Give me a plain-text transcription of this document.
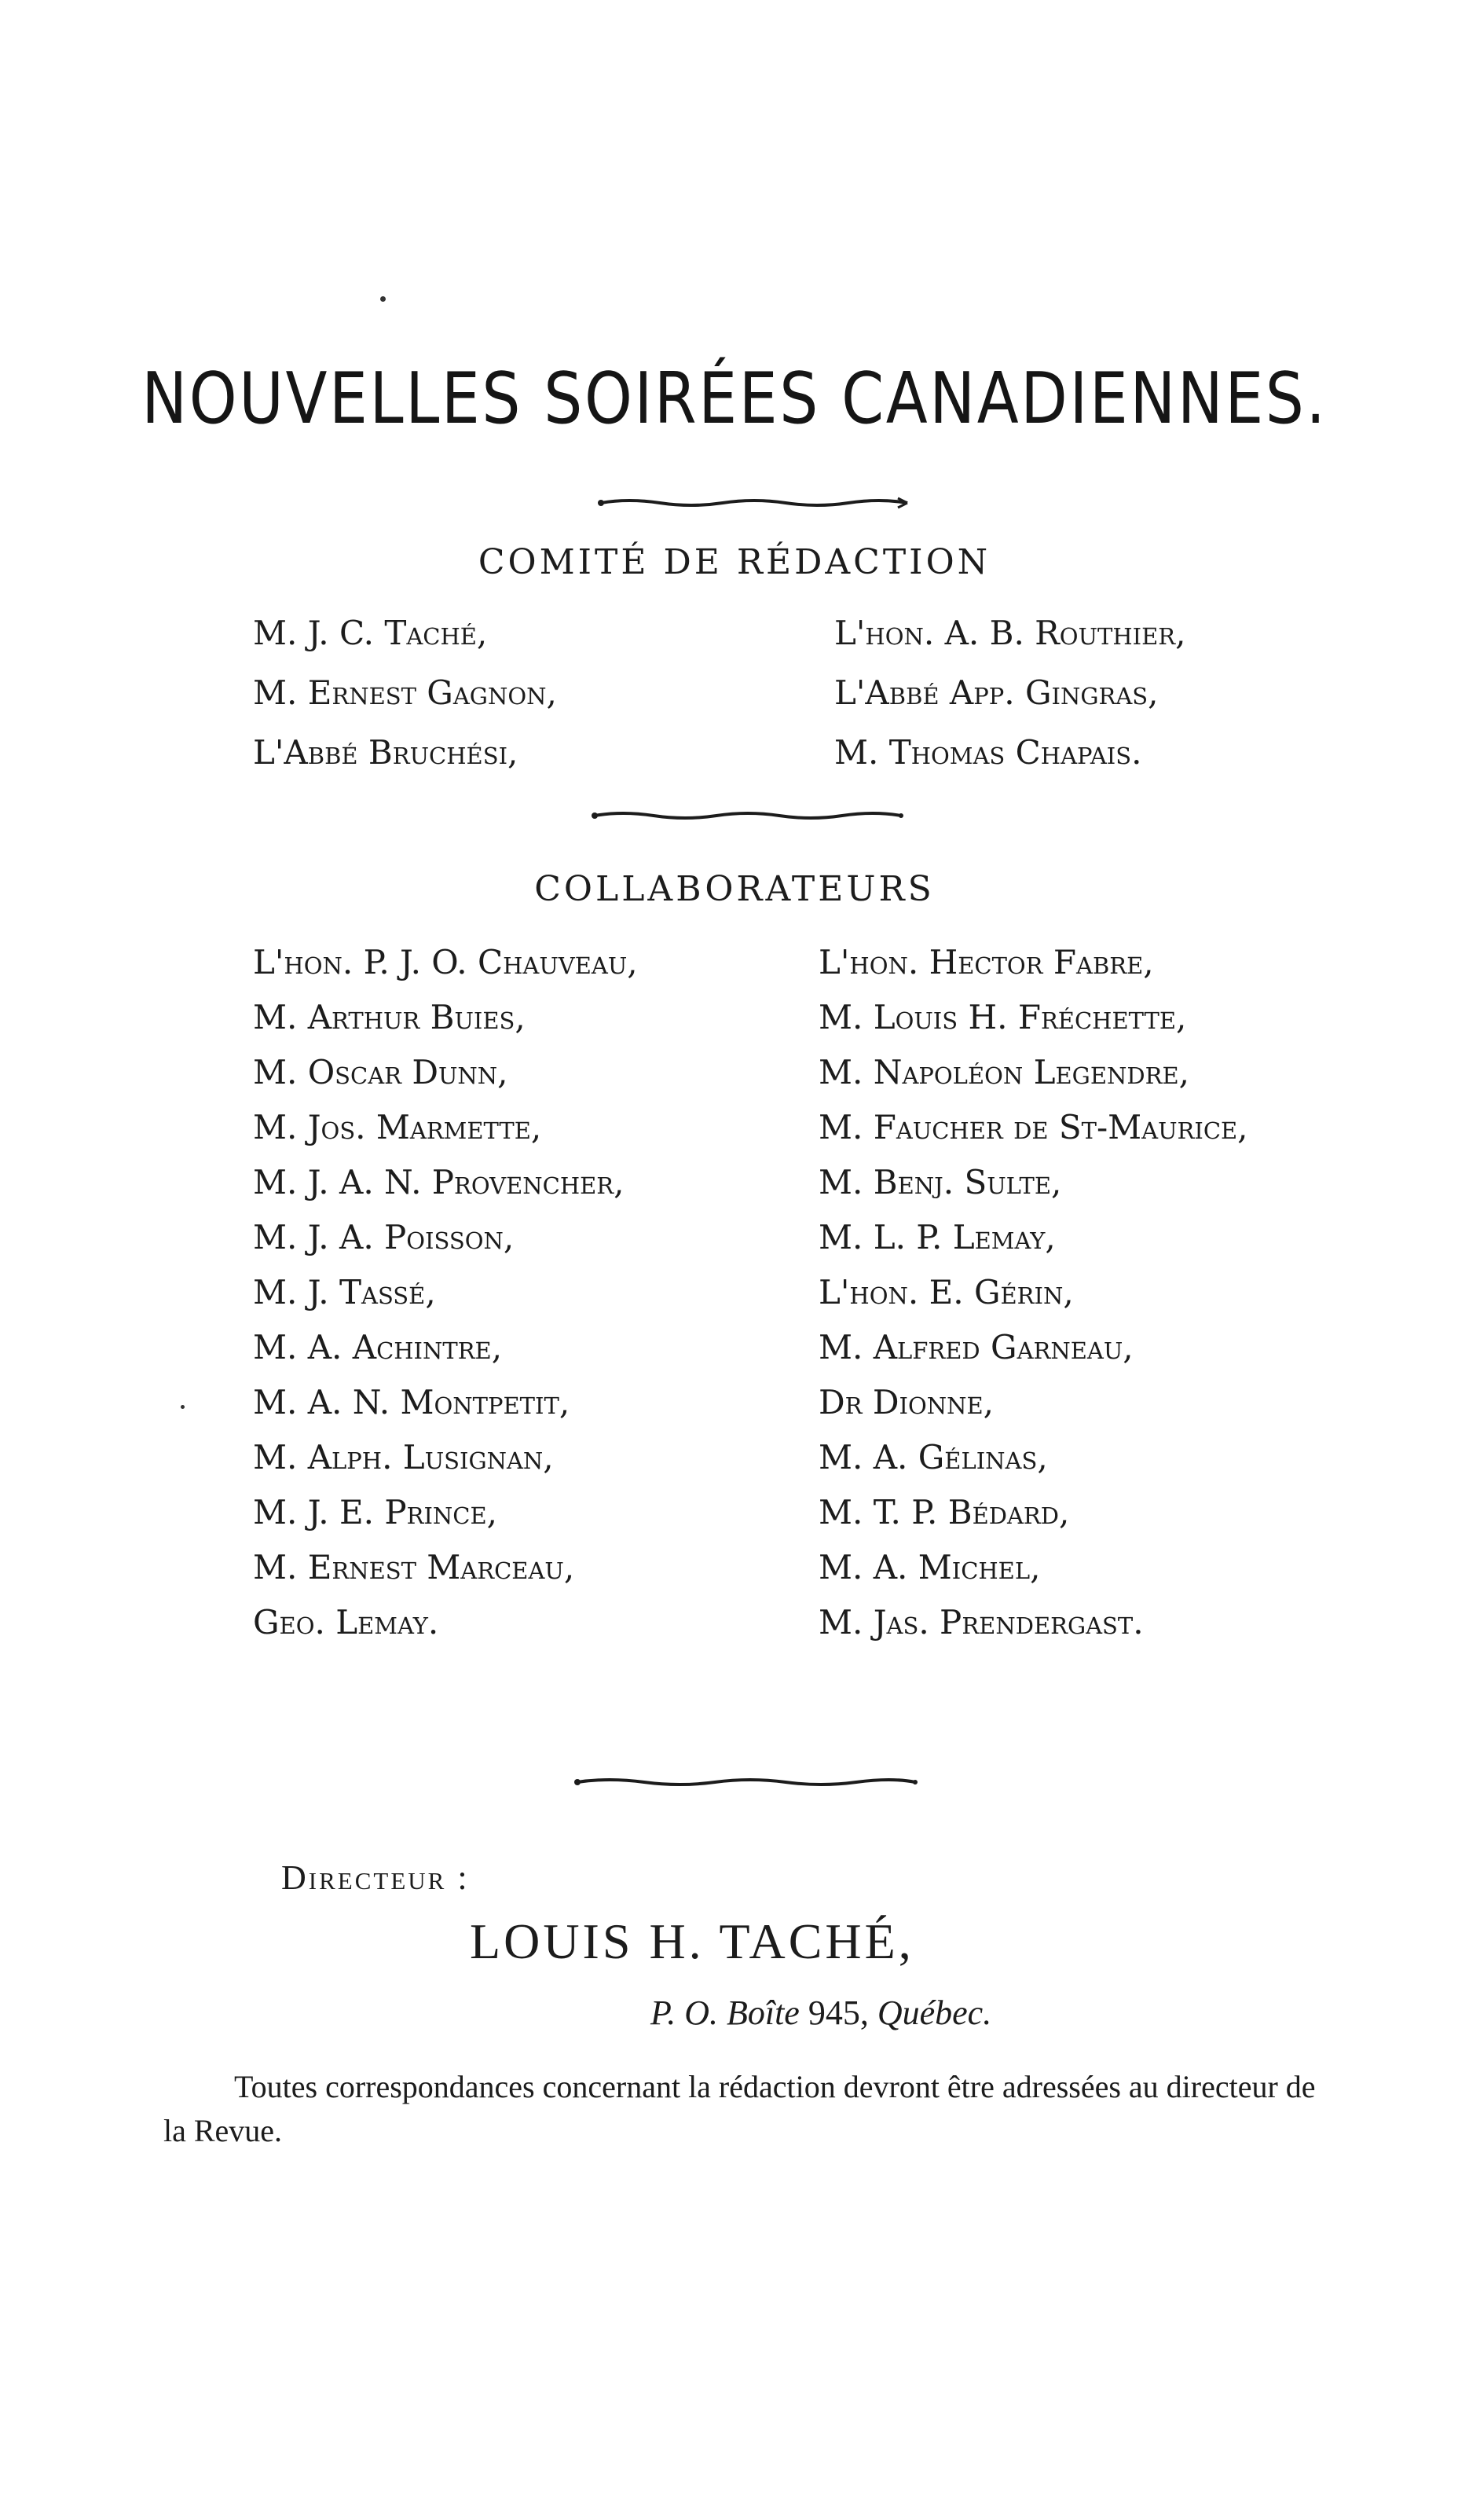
NOUVELLES SOIRÉES CANADIENNES.
COMITÉ DE RÉDACTION
M. J. C. Taché,
M. Ernest Gagnon,
L'Abbé Bruchési,
L'hon. A. B. Routhier,
L'Abbé App. Gingras,
M. Thomas Chapais.
COLLABORATEURS
L'hon. P. J. O. Chauveau,
M. Arthur Buies,
M. Oscar Dunn,
M. Jos. Marmette,
M. J. A. N. Provencher,
M. J. A. Poisson,
M. J. Tassé,
M. A. Achintre,
M. A. N. Montpetit,
M. Alph. Lusignan,
M. J. E. Prince,
M. Ernest Marceau,
Geo. Lemay.
L'hon. Hector Fabre,
M. Louis H. Fréchette,
M. Napoléon Legendre,
M. Faucher de St-Maurice,
M. Benj. Sulte,
M. L. P. Lemay,
L'hon. E. Gérin,
M. Alfred Garneau,
Dr Dionne,
M. A. Gélinas,
M. T. P. Bédard,
M. A. Michel,
M. Jas. Prendergast.
Directeur :
LOUIS H. TACHÉ,
P. O. Boîte 945, Québec.
Toutes correspondances concernant la rédaction devront être adressées au directeur de la Revue.
